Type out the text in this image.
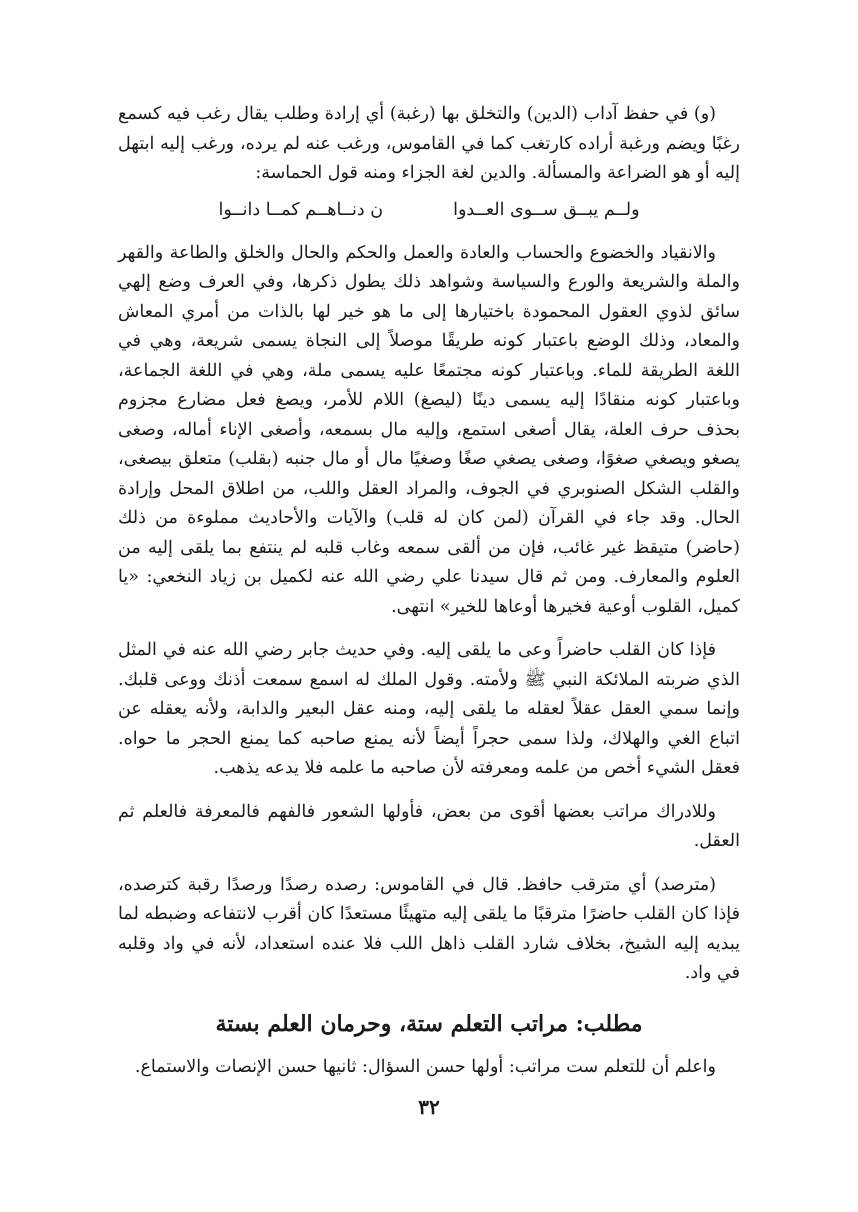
(و) في حفظ آداب (الدين) والتخلق بها (رغبة) أي إرادة وطلب يقال رغب فيه كسمع رغبًا ويضم ورغبة أراده كارتغب كما في القاموس، ورغب عنه لم يرده، ورغب إليه ابتهل إليه أو هو الضراعة والمسألة. والدين لغة الجزاء ومنه قول الحماسة:

ولــم يبــق ســوى العــدوا
ن دنــاهــم كمــا دانــوا

والانقياد والخضوع والحساب والعادة والعمل والحكم والحال والخلق والطاعة والقهر والملة والشريعة والورع والسياسة وشواهد ذلك يطول ذكرها، وفي العرف وضع إلهي سائق لذوي العقول المحمودة باختيارها إلى ما هو خير لها بالذات من أمري المعاش والمعاد، وذلك الوضع باعتبار كونه طريقًا موصلاً إلى النجاة يسمى شريعة، وهي في اللغة الطريقة للماء. وباعتبار كونه مجتمعًا عليه يسمى ملة، وهي في اللغة الجماعة، وباعتبار كونه منقادًا إليه يسمى دينًا (ليصغ) اللام للأمر، ويصغ فعل مضارع مجزوم بحذف حرف العلة، يقال أصغى استمع، وإليه مال بسمعه، وأصغى الإناء أماله، وصغى يصغو ويصغي صغوًا، وصغى يصغي صغًا وصغيًا مال أو مال جنبه (بقلب) متعلق بيصغى، والقلب الشكل الصنوبري في الجوف، والمراد العقل واللب، من اطلاق المحل وإرادة الحال. وقد جاء في القرآن (لمن كان له قلب) والآيات والأحاديث مملوءة من ذلك (حاضر) متيقظ غير غائب، فإن من ألقى سمعه وغاب قلبه لم ينتفع بما يلقى إليه من العلوم والمعارف. ومن ثم قال سيدنا علي رضي الله عنه لكميل بن زياد النخعي: «يا كميل، القلوب أوعية فخيرها أوعاها للخير» انتهى.

فإذا كان القلب حاضراً وعى ما يلقى إليه. وفي حديث جابر رضي الله عنه في المثل الذي ضربته الملائكة النبي ﷺ ولأمته. وقول الملك له اسمع سمعت أذنك ووعى قلبك. وإنما سمي العقل عقلاً لعقله ما يلقى إليه، ومنه عقل البعير والدابة، ولأنه يعقله عن اتباع الغي والهلاك، ولذا سمى حجراً أيضاً لأنه يمنع صاحبه كما يمنع الحجر ما حواه. فعقل الشيء أخص من علمه ومعرفته لأن صاحبه ما علمه فلا يدعه يذهب.

وللادراك مراتب بعضها أقوى من بعض، فأولها الشعور فالفهم فالمعرفة فالعلم ثم العقل.

(مترصد) أي مترقب حافظ. قال في القاموس: رصده رصدًا ورصدًا رقبة كترصده، فإذا كان القلب حاضرًا مترقبًا ما يلقى إليه متهيئًا مستعدًا كان أقرب لانتفاعه وضبطه لما يبديه إليه الشيخ، بخلاف شارد القلب ذاهل اللب فلا عنده استعداد، لأنه في واد وقلبه في واد.

مطلب: مراتب التعلم ستة، وحرمان العلم بستة

واعلم أن للتعلم ست مراتب: أولها حسن السؤال: ثانيها حسن الإنصات والاستماع.

٣٢
